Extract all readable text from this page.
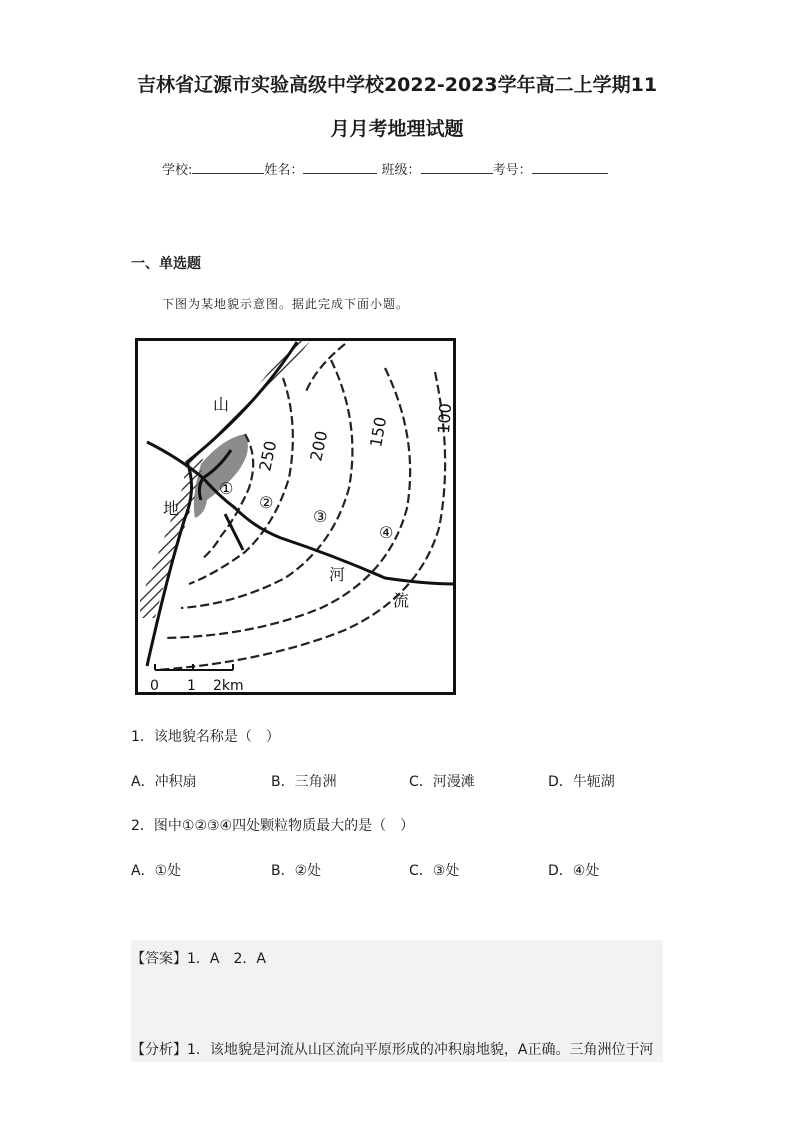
吉林省辽源市实验高级中学校2022-2023学年高二上学期11
月月考地理试题
学校:	姓名：	班级：	考号：
一、单选题
下图为某地貌示意图。据此完成下面小题。
山
地
河
流
250 200 150	100
①
②
③
④
0 1 2km
1．该地貌名称是（　）
A．冲积扇	B．三角洲	C．河漫滩	D．牛轭湖
2．图中①②③④四处颗粒物质最大的是（　）
A．①处	B．②处	C．③处	D．④处
【答案】1．A　2．A
【分析】1．该地貌是河流从山区流向平原形成的冲积扇地貌，A正确。三角洲位于河
